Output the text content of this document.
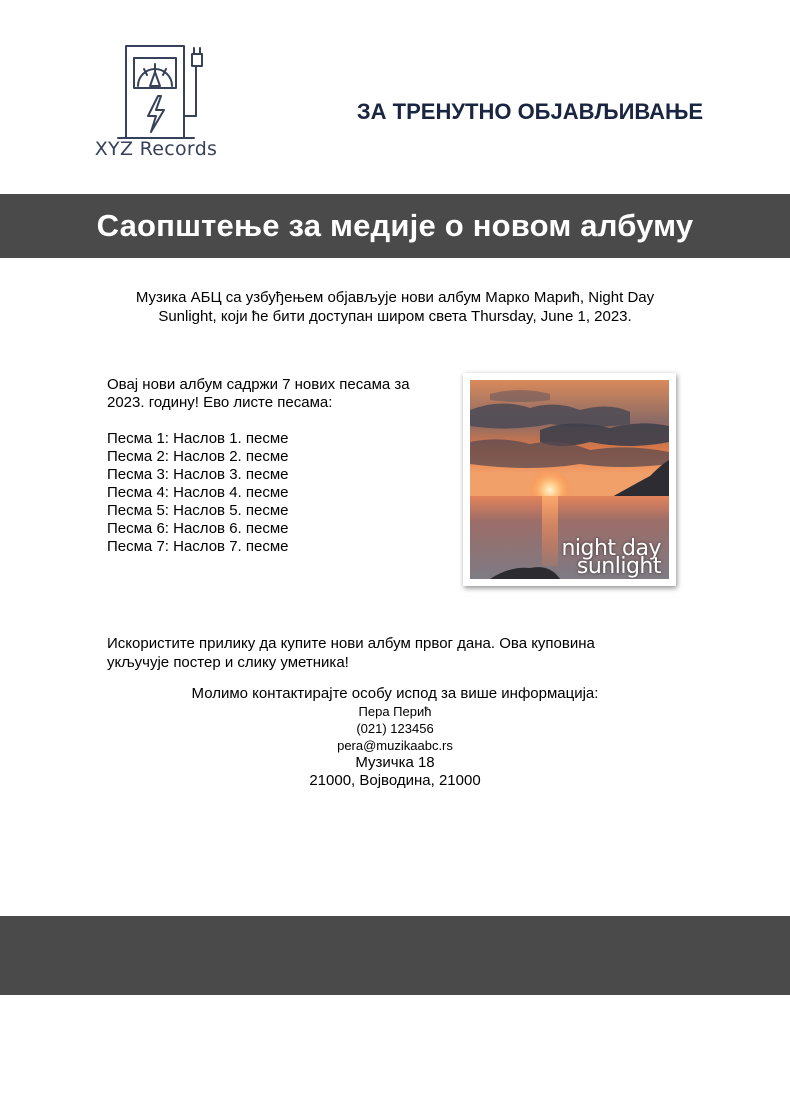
XYZ Records
ЗА ТРЕНУТНО ОБЈАВЉИВАЊЕ
Саопштење за медије о новом албуму

Музика АБЦ са узбуђењем објављује нови албум Марко Марић, Night Day

Sunlight, који ће бити доступан широм света Thursday, June 1, 2023.

Овај нови албум садржи 7 нових песама за

2023. годину! Ево листе песама:

Песма 1: Наслов 1. песме
Песма 2: Наслов 2. песме
Песма 3: Наслов 3. песме
Песма 4: Наслов 4. песме
Песма 5: Наслов 5. песме
Песма 6: Наслов 6. песме
Песма 7: Наслов 7. песме	night day
sunlight

Искористите прилику да купите нови албум првог дана. Ова куповина

укључује постер и слику уметника!

Молимо контактирајте особу испод за више информација:

Пера Перић

(021) 123456

pera@muzikaabc.rs

Музичка 18

21000, Војводина, 21000
